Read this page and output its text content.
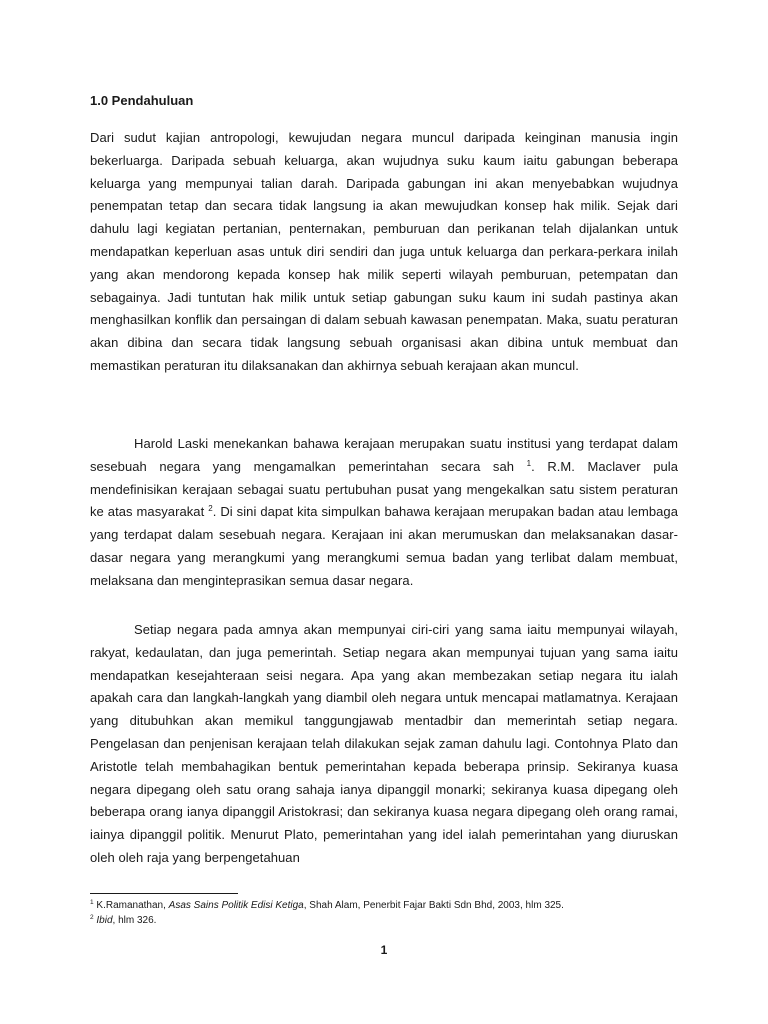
1.0 Pendahuluan

Dari sudut kajian antropologi, kewujudan negara muncul daripada keinginan manusia ingin bekerluarga. Daripada sebuah keluarga, akan wujudnya suku kaum iaitu gabungan beberapa keluarga yang mempunyai talian darah. Daripada gabungan ini akan menyebabkan wujudnya penempatan tetap dan secara tidak langsung ia akan mewujudkan konsep hak milik. Sejak dari dahulu lagi kegiatan pertanian, penternakan, pemburuan dan perikanan telah dijalankan untuk mendapatkan keperluan asas untuk diri sendiri dan juga untuk keluarga dan perkara-perkara inilah yang akan mendorong kepada konsep hak milik seperti wilayah pemburuan, petempatan dan sebagainya. Jadi tuntutan hak milik untuk setiap gabungan suku kaum ini sudah pastinya akan menghasilkan konflik dan persaingan di dalam sebuah kawasan penempatan. Maka, suatu peraturan akan dibina dan secara tidak langsung sebuah organisasi akan dibina untuk membuat dan memastikan peraturan itu dilaksanakan dan akhirnya sebuah kerajaan akan muncul.

Harold Laski menekankan bahawa kerajaan merupakan suatu institusi yang terdapat dalam sesebuah negara yang mengamalkan pemerintahan secara sah $^1$. R.M. Maclaver pula mendefinisikan kerajaan sebagai suatu pertubuhan pusat yang mengekalkan satu sistem peraturan ke atas masyarakat $^2$. Di sini dapat kita simpulkan bahawa kerajaan merupakan badan atau lembaga yang terdapat dalam sesebuah negara. Kerajaan ini akan merumuskan dan melaksanakan dasar-dasar negara yang merangkumi yang merangkumi semua badan yang terlibat dalam membuat, melaksana dan menginteprasikan semua dasar negara.

Setiap negara pada amnya akan mempunyai ciri-ciri yang sama iaitu mempunyai wilayah, rakyat, kedaulatan, dan juga pemerintah. Setiap negara akan mempunyai tujuan yang sama iaitu mendapatkan kesejahteraan seisi negara. Apa yang akan membezakan setiap negara itu ialah apakah cara dan langkah-langkah yang diambil oleh negara untuk mencapai matlamatnya. Kerajaan yang ditubuhkan akan memikul tanggungjawab mentadbir dan memerintah setiap negara. Pengelasan dan penjenisan kerajaan telah dilakukan sejak zaman dahulu lagi. Contohnya Plato dan Aristotle telah membahagikan bentuk pemerintahan kepada beberapa prinsip. Sekiranya kuasa negara dipegang oleh satu orang sahaja ianya dipanggil monarki; sekiranya kuasa dipegang oleh beberapa orang ianya dipanggil Aristokrasi; dan sekiranya kuasa negara dipegang oleh orang ramai, iainya dipanggil politik. Menurut Plato, pemerintahan yang idel ialah pemerintahan yang diuruskan oleh oleh raja yang berpengetahuan

$^1$ K.Ramanathan, Asas Sains Politik Edisi Ketiga, Shah Alam, Penerbit Fajar Bakti Sdn Bhd, 2003, hlm 325.

$^2$ Ibid, hlm 326.

1
